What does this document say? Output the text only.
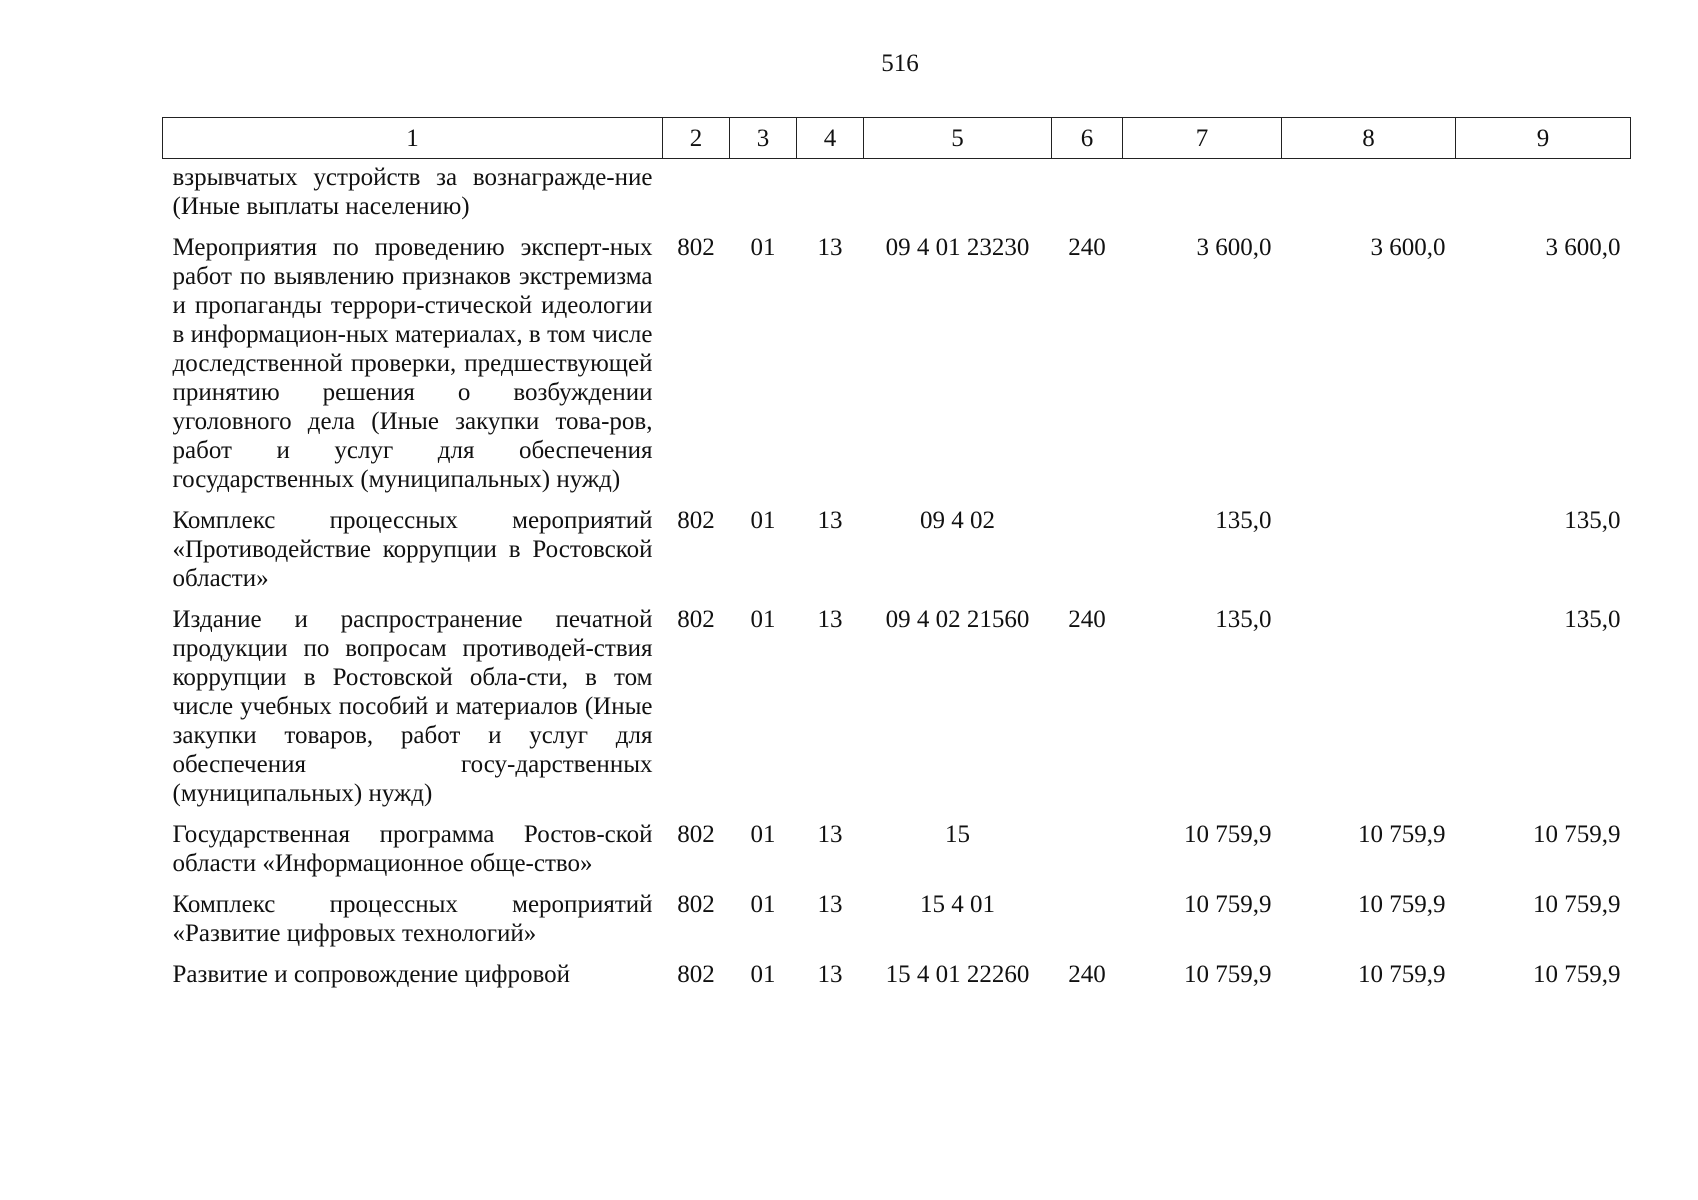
516
1	2	3	4	5	6	7	8	9
взрывчатых устройств за вознагражде-ние (Иные выплаты населению)								
Мероприятия по проведению эксперт-ных работ по выявлению признаков экстремизма и пропаганды террори-стической идеологии в информацион-ных материалах, в том числе доследственной проверки, предшествующей принятию решения о возбуждении уголовного дела (Иные закупки това-ров, работ и услуг для обеспечения государственных (муниципальных) нужд)	802	01	13	09 4 01 23230	240	3 600,0	3 600,0	3 600,0
Комплекс процессных мероприятий «Противодействие коррупции в Ростовской области»	802	01	13	09 4 02		135,0		135,0
Издание и распространение печатной продукции по вопросам противодей-ствия коррупции в Ростовской обла-сти, в том числе учебных пособий и материалов (Иные закупки товаров, работ и услуг для обеспечения госу-дарственных (муниципальных) нужд)	802	01	13	09 4 02 21560	240	135,0		135,0
Государственная программа Ростов-ской области «Информационное обще-ство»	802	01	13	15		10 759,9	10 759,9	10 759,9
Комплекс процессных мероприятий «Развитие цифровых технологий»	802	01	13	15 4 01		10 759,9	10 759,9	10 759,9
Развитие и сопровождение цифровой	802	01	13	15 4 01 22260	240	10 759,9	10 759,9	10 759,9
